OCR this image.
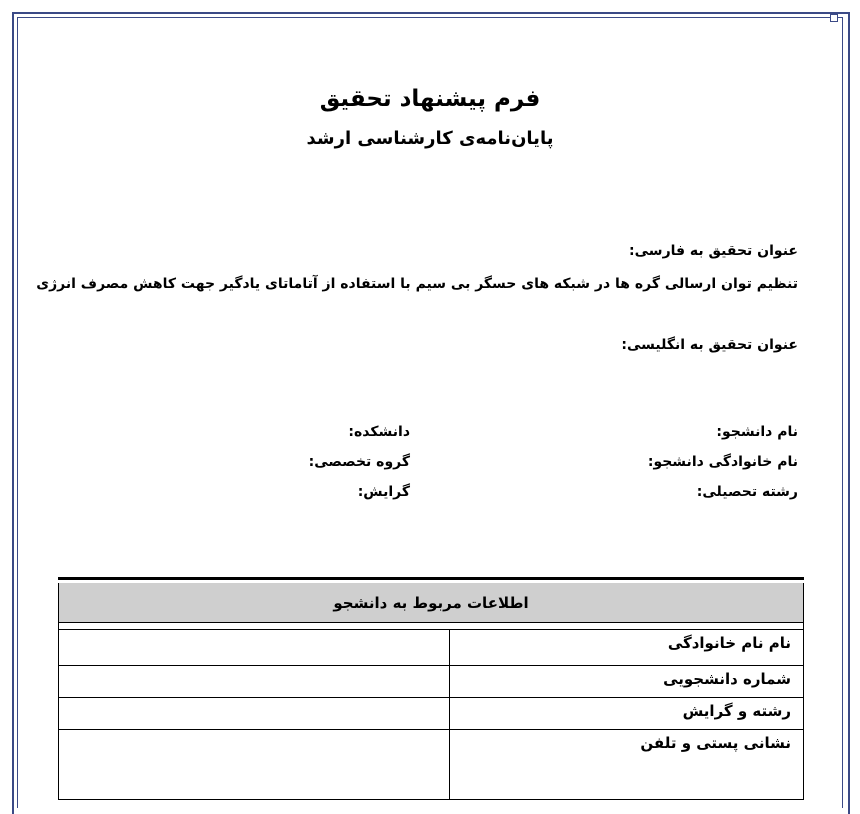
فرم پیشنهاد تحقیق
پایان‌نامه‌ی کارشناسی ارشد
عنوان تحقیق به فارسی:
تنظیم توان ارسالی گره ها در شبکه های حسگر بی سیم با استفاده از آتاماتای یادگیر جهت کاهش مصرف انرژی
عنوان تحقیق به انگلیسی:
نام دانشجو:
نام خانوادگی دانشجو:
رشته تحصیلی:
دانشکده:
گروه تخصصی:
گرایش:
اطلاعات مربوط به دانشجو
نام نام خانوادگی
شماره دانشجویی
رشته و گرایش
نشانی پستی و تلفن
